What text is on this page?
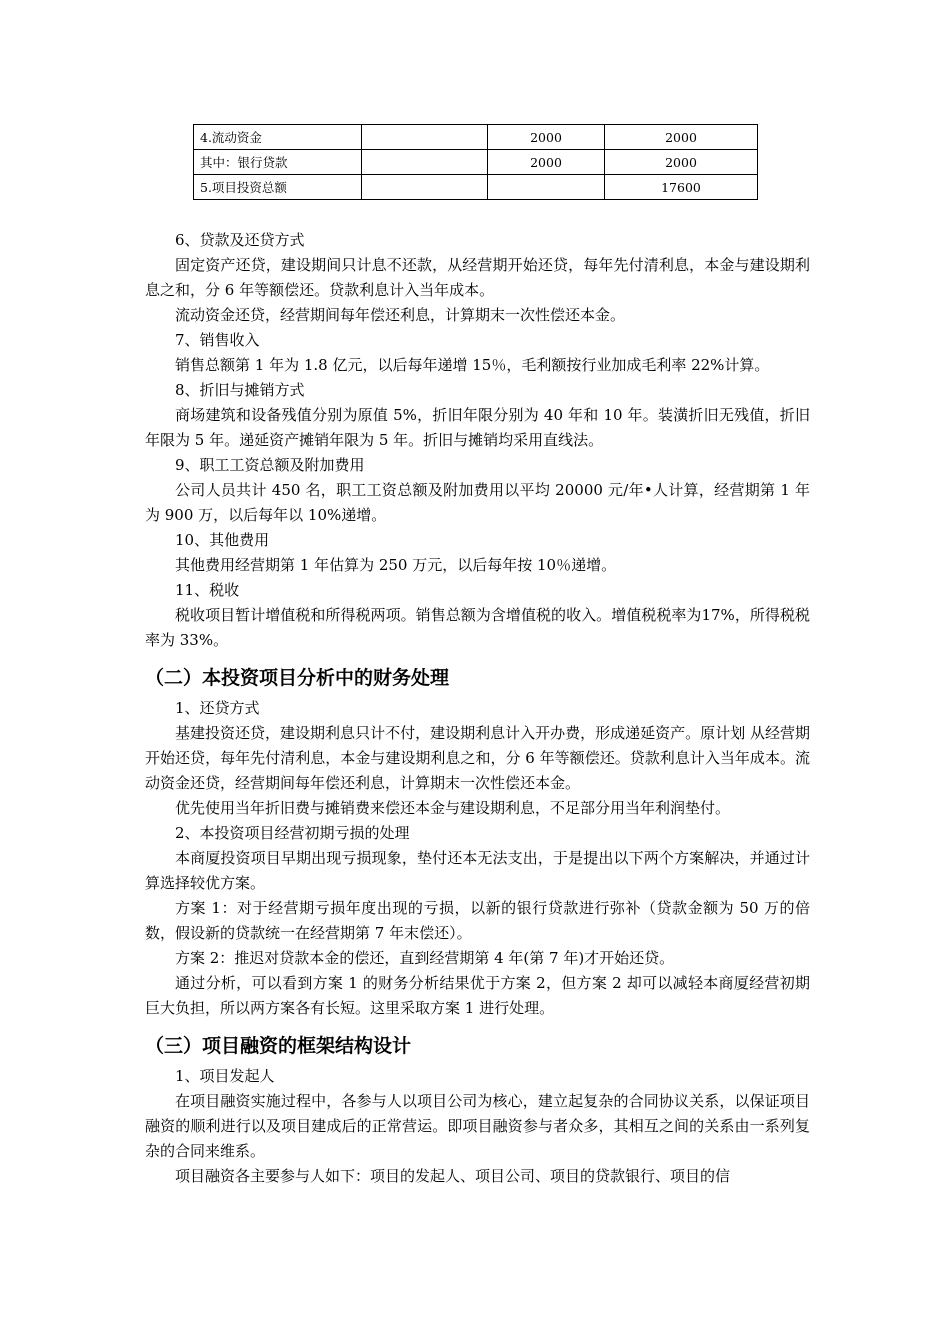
4.流动资金		2000	2000
其中：银行贷款		2000	2000
5.项目投资总额			17600

6、贷款及还贷方式

固定资产还贷，建设期间只计息不还款，从经营期开始还贷，每年先付清利息，本金与建设期利息之和，分 6 年等额偿还。贷款利息计入当年成本。

流动资金还贷，经营期间每年偿还利息，计算期末一次性偿还本金。

7、销售收入

销售总额第 1 年为 1.8 亿元，以后每年递增 15％，毛利额按行业加成毛利率 22%计算。

8、折旧与摊销方式

商场建筑和设备残值分别为原值 5%，折旧年限分别为 40 年和 10 年。装潢折旧无残值，折旧年限为 5 年。递延资产摊销年限为 5 年。折旧与摊销均采用直线法。

9、职工工资总额及附加费用

公司人员共计 450 名，职工工资总额及附加费用以平均 20000 元/年•人计算，经营期第 1 年为 900 万，以后每年以 10%递增。

10、其他费用

其他费用经营期第 1 年估算为 250 万元，以后每年按 10％递增。

11、税收

税收项目暂计增值税和所得税两项。销售总额为含增值税的收入。增值税税率为17%，所得税税率为 33%。

（二）本投资项目分析中的财务处理

1、还贷方式

基建投资还贷，建设期利息只计不付，建设期利息计入开办费，形成递延资产。原计划 从经营期开始还贷，每年先付清利息，本金与建设期利息之和，分 6 年等额偿还。贷款利息计入当年成本。流动资金还贷，经营期间每年偿还利息，计算期末一次性偿还本金。

优先使用当年折旧费与摊销费来偿还本金与建设期利息，不足部分用当年利润垫付。

2、本投资项目经营初期亏损的处理

本商厦投资项目早期出现亏损现象，垫付还本无法支出，于是提出以下两个方案解决，并通过计算选择较优方案。

方案 1：对于经营期亏损年度出现的亏损，以新的银行贷款进行弥补（贷款金额为 50 万的倍数，假设新的贷款统一在经营期第 7 年末偿还）。

方案 2：推迟对贷款本金的偿还，直到经营期第 4 年(第 7 年)才开始还贷。

通过分析，可以看到方案 1 的财务分析结果优于方案 2，但方案 2 却可以减轻本商厦经营初期巨大负担，所以两方案各有长短。这里采取方案 1 进行处理。

（三）项目融资的框架结构设计

1、项目发起人

在项目融资实施过程中，各参与人以项目公司为核心，建立起复杂的合同协议关系，以保证项目融资的顺利进行以及项目建成后的正常营运。即项目融资参与者众多，其相互之间的关系由一系列复杂的合同来维系。

项目融资各主要参与人如下：项目的发起人、项目公司、项目的贷款银行、项目的信
